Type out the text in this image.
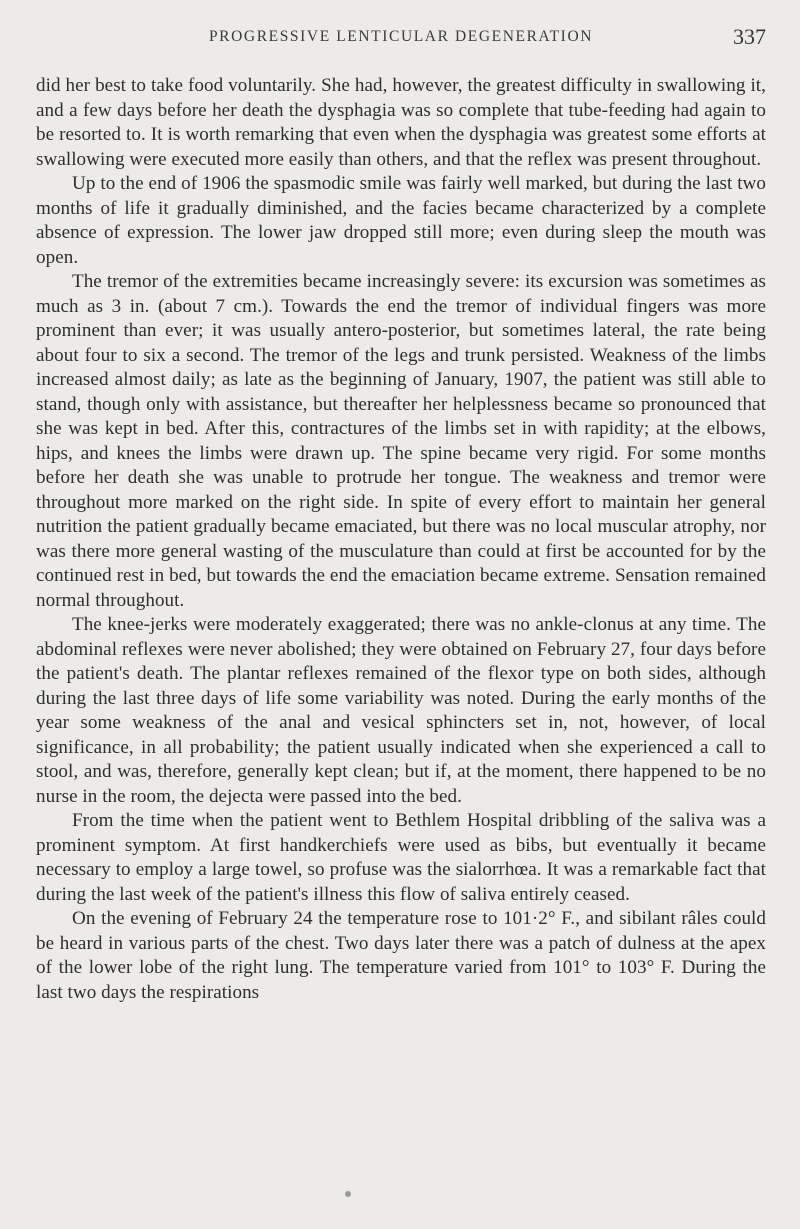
PROGRESSIVE LENTICULAR DEGENERATION	337

did her best to take food voluntarily. She had, however, the greatest difficulty in swallowing it, and a few days before her death the dysphagia was so complete that tube-feeding had again to be resorted to. It is worth remarking that even when the dysphagia was greatest some efforts at swallowing were executed more easily than others, and that the reflex was present throughout.

Up to the end of 1906 the spasmodic smile was fairly well marked, but during the last two months of life it gradually diminished, and the facies became characterized by a complete absence of expression. The lower jaw dropped still more; even during sleep the mouth was open.

The tremor of the extremities became increasingly severe: its excursion was sometimes as much as 3 in. (about 7 cm.). Towards the end the tremor of individual fingers was more prominent than ever; it was usually antero-posterior, but sometimes lateral, the rate being about four to six a second. The tremor of the legs and trunk persisted. Weakness of the limbs increased almost daily; as late as the beginning of January, 1907, the patient was still able to stand, though only with assistance, but thereafter her helplessness became so pronounced that she was kept in bed. After this, contractures of the limbs set in with rapidity; at the elbows, hips, and knees the limbs were drawn up. The spine became very rigid. For some months before her death she was unable to protrude her tongue. The weakness and tremor were throughout more marked on the right side. In spite of every effort to maintain her general nutrition the patient gradually became emaciated, but there was no local muscular atrophy, nor was there more general wasting of the musculature than could at first be accounted for by the continued rest in bed, but towards the end the emaciation became extreme. Sensation remained normal throughout.

The knee-jerks were moderately exaggerated; there was no ankle-clonus at any time. The abdominal reflexes were never abolished; they were obtained on February 27, four days before the patient's death. The plantar reflexes remained of the flexor type on both sides, although during the last three days of life some variability was noted. During the early months of the year some weakness of the anal and vesical sphincters set in, not, however, of local significance, in all probability; the patient usually indicated when she experienced a call to stool, and was, therefore, generally kept clean; but if, at the moment, there happened to be no nurse in the room, the dejecta were passed into the bed.

From the time when the patient went to Bethlem Hospital dribbling of the saliva was a prominent symptom. At first handkerchiefs were used as bibs, but eventually it became necessary to employ a large towel, so profuse was the sialorrhœa. It was a remarkable fact that during the last week of the patient's illness this flow of saliva entirely ceased.

On the evening of February 24 the temperature rose to 101·2° F., and sibilant râles could be heard in various parts of the chest. Two days later there was a patch of dulness at the apex of the lower lobe of the right lung. The temperature varied from 101° to 103° F. During the last two days the respirations
